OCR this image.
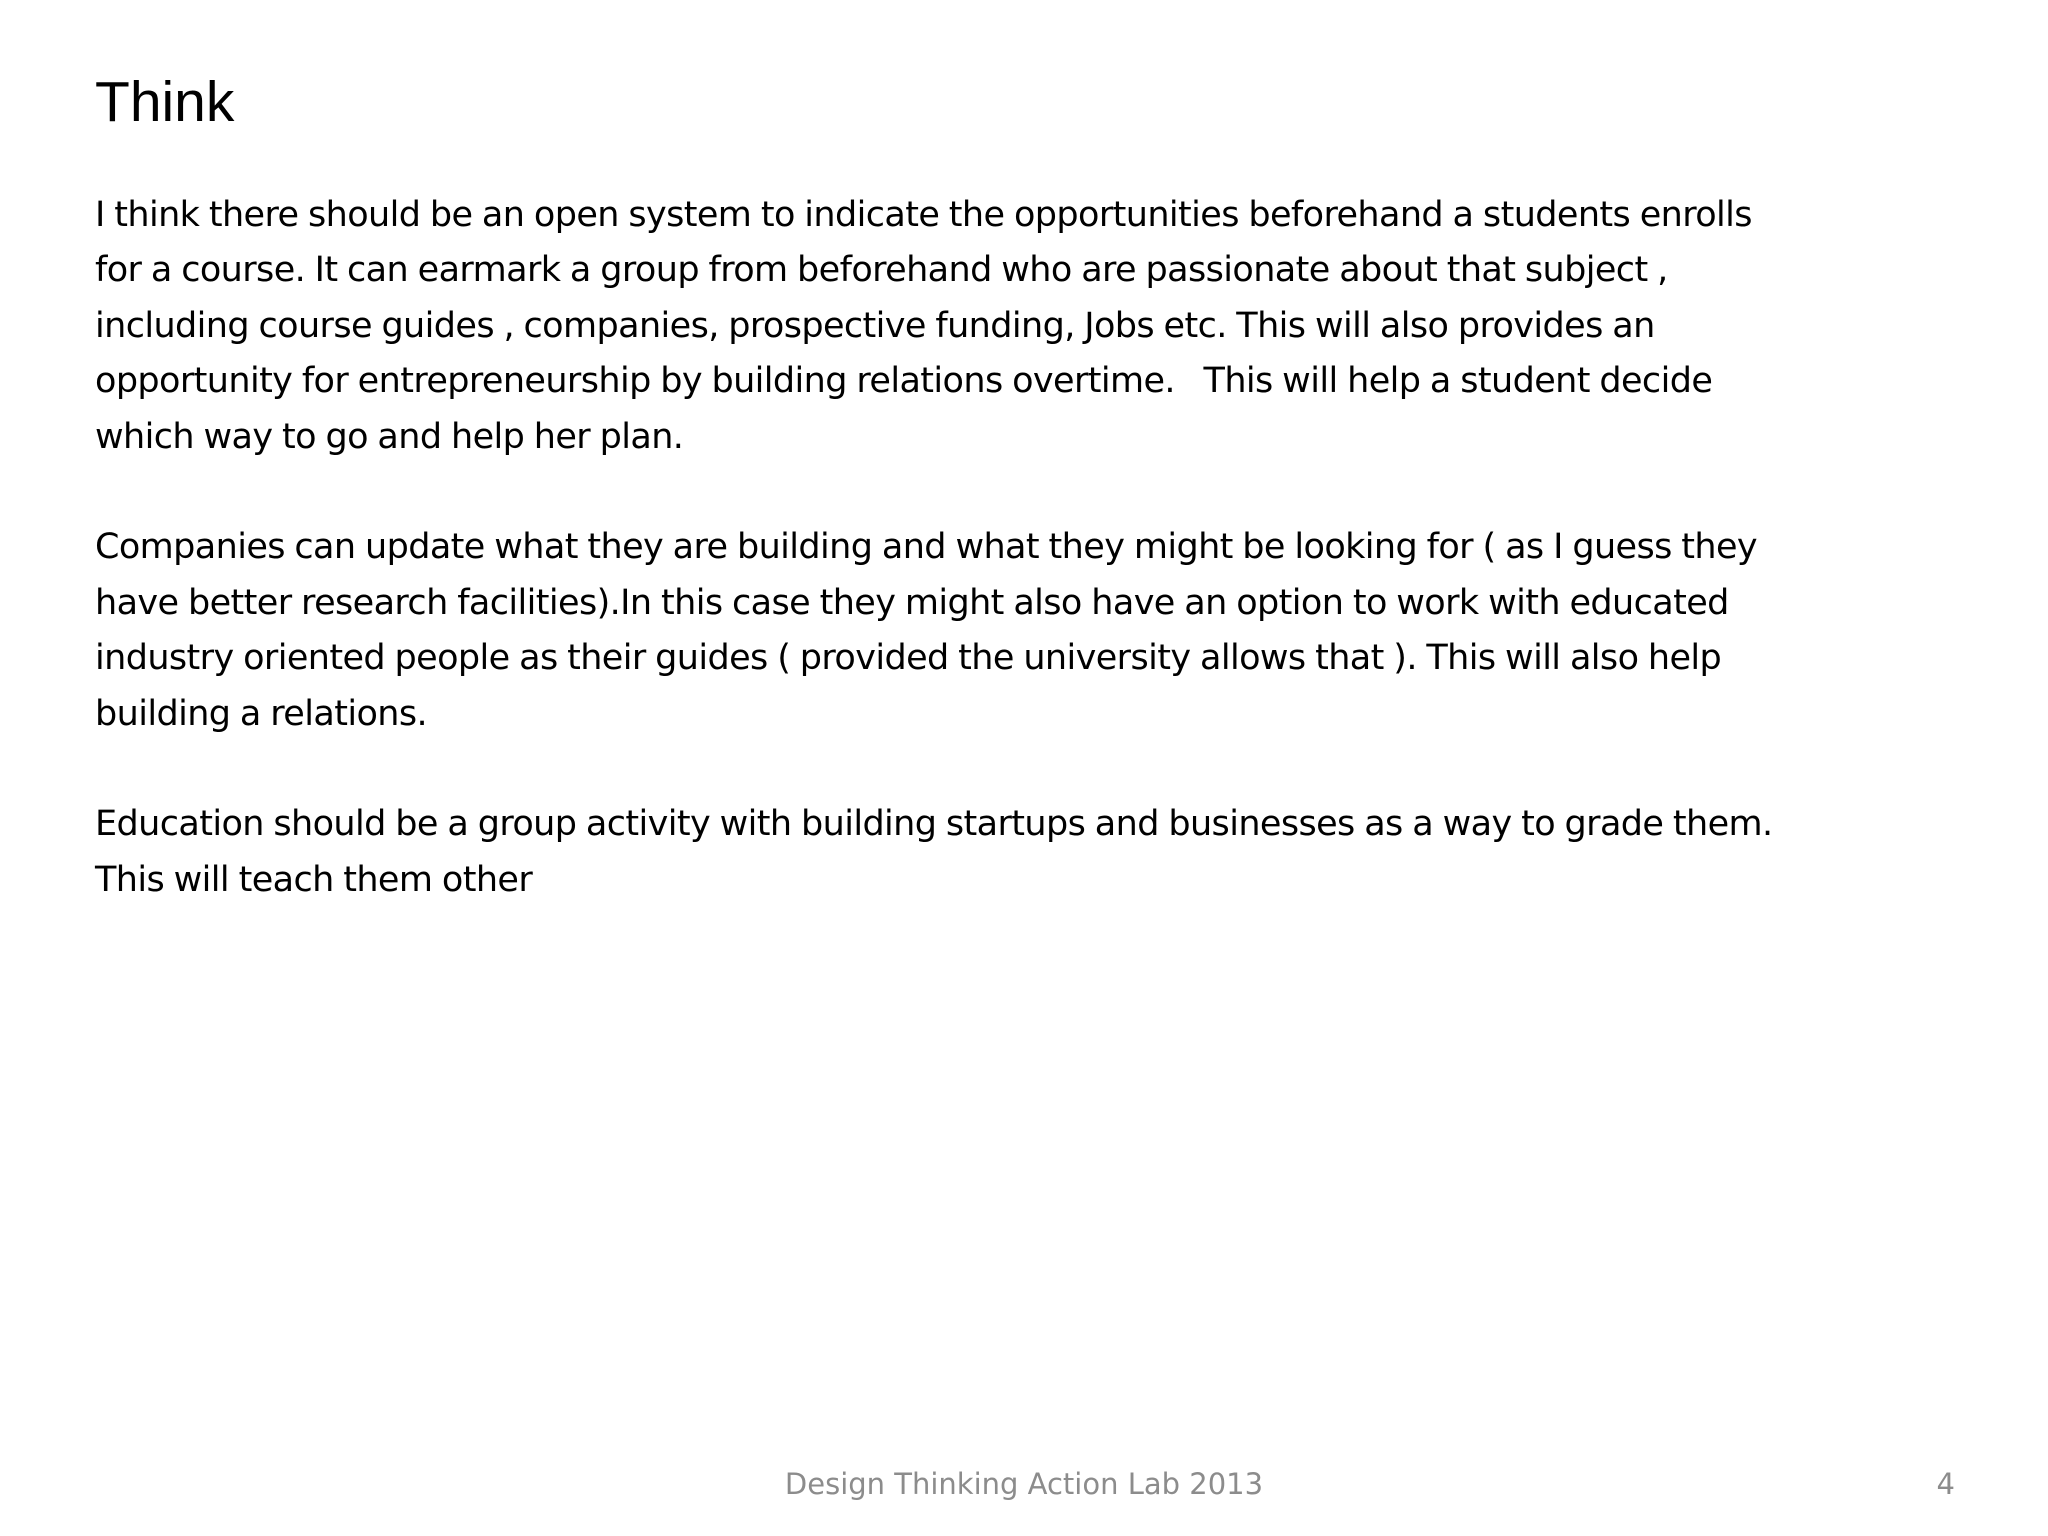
Think

I think there should be an open system to indicate the opportunities beforehand a students enrolls
for a course. It can earmark a group from beforehand who are passionate about that subject ,
including course guides , companies, prospective funding, Jobs etc. This will also provides an
opportunity for entrepreneurship by building relations overtime.   This will help a student decide
which way to go and help her plan.

Companies can update what they are building and what they might be looking for ( as I guess they
have better research facilities).In this case they might also have an option to work with educated
industry oriented people as their guides ( provided the university allows that ). This will also help
building a relations.

Education should be a group activity with building startups and businesses as a way to grade them.
This will teach them other

Design Thinking Action Lab 2013	4
